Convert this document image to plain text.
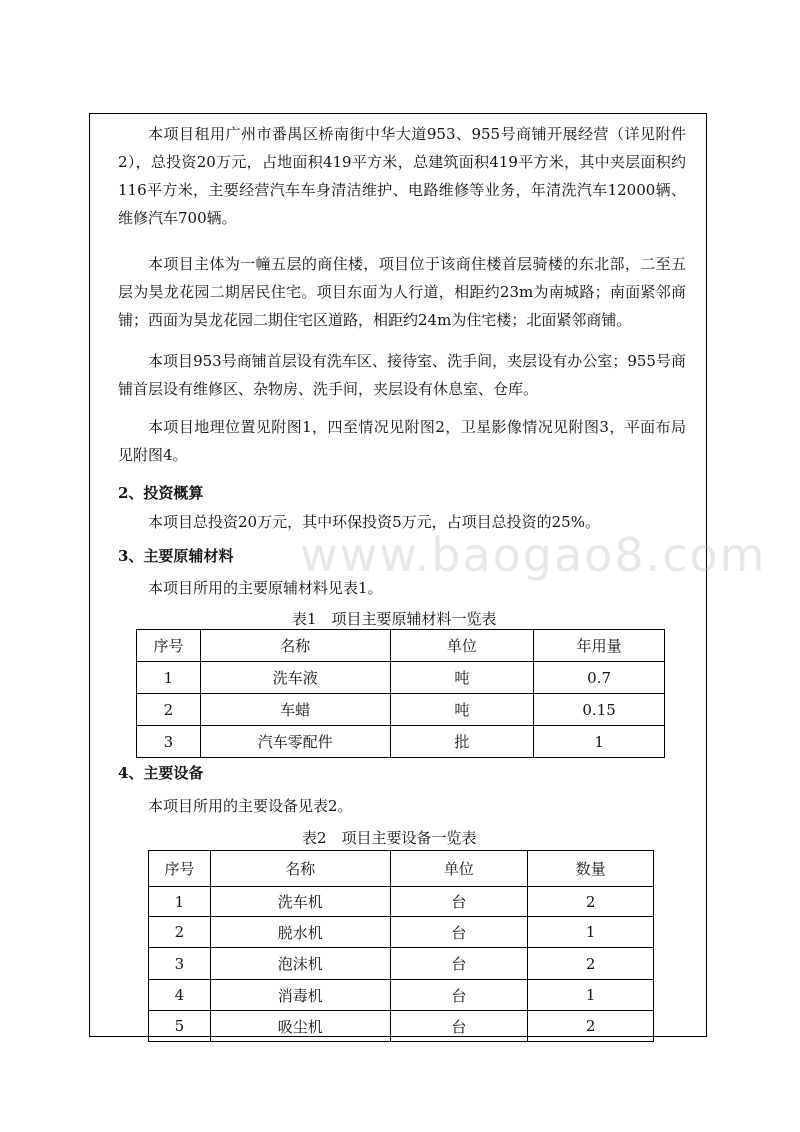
www.baogao8.com

本项目租用广州市番禺区桥南街中华大道953、955号商铺开展经营（详见附件2），总投资20万元，占地面积419平方米，总建筑面积419平方米，其中夹层面积约116平方米，主要经营汽车车身清洁维护、电路维修等业务，年清洗汽车12000辆、维修汽车700辆。

本项目主体为一幢五层的商住楼，项目位于该商住楼首层骑楼的东北部，二至五层为昊龙花园二期居民住宅。项目东面为人行道，相距约23m为南城路；南面紧邻商铺；西面为昊龙花园二期住宅区道路，相距约24m为住宅楼；北面紧邻商铺。

本项目953号商铺首层设有洗车区、接待室、洗手间，夹层设有办公室；955号商铺首层设有维修区、杂物房、洗手间，夹层设有休息室、仓库。

本项目地理位置见附图1，四至情况见附图2，卫星影像情况见附图3，平面布局见附图4。

2、投资概算

本项目总投资20万元，其中环保投资5万元，占项目总投资的25%。

3、主要原辅材料

本项目所用的主要原辅材料见表1。

表1　项目主要原辅材料一览表
序号	名称	单位	年用量
1	洗车液	吨	0.7
2	车蜡	吨	0.15
3	汽车零配件	批	1

4、主要设备

本项目所用的主要设备见表2。

表2　项目主要设备一览表
序号	名称	单位	数量
1	洗车机	台	2
2	脱水机	台	1
3	泡沫机	台	2
4	消毒机	台	1
5	吸尘机	台	2
